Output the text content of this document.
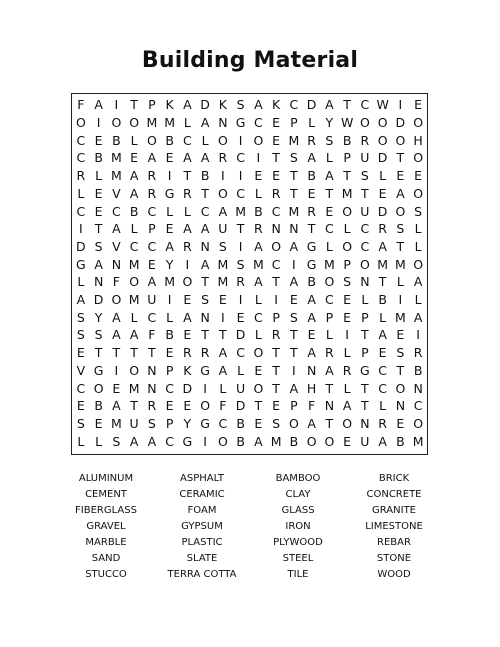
Building Material
F A I T P K A D K S A K C D A T C W I E
O I O O M M L A N G C E P L Y W O O D O
C E B L O B C L O I O E M R S B R O O H
C B M E A E A A R C I T S A L P U D T O
R L M A R I T B I	I E E T B A T S L E E
L E V A R G R T O C L R T E T M T E A O
C E C B C L L C A M B C M R E O U D O S
I T A L P E A A U T R N N T C L C R S L
D S V C C A R N S I A O A G L O C A T L
G A N M E Y I A M S M C I G M P O M M O
L N F O A M O T M R A T A B O S N T L A
A D O M U I E S E I L I E A C E L B I L
S Y A L C L A N I E C P S A P E P L M A
S S A A F B E T T D L R T E L I T A E I
E T T T T E R R A C O T T A R L P E S R
V G I O N P K G A L E T I N A R G C T B
C O E M N C D I L U O T A H T L T C O N
E B A T R E E O F D T E P F N A T L N C
S E M U S P Y G C B E S O A T O N R E O
L L S A A C G I O B A M B O O E U A B M
ALUMINUM	ASPHALT	BAMBOO	BRICK
CEMENT	CERAMIC	CLAY	CONCRETE
FIBERGLASS	FOAM	GLASS	GRANITE
GRAVEL	GYPSUM	IRON	LIMESTONE
MARBLE	PLASTIC	PLYWOOD	REBAR
SAND	SLATE	STEEL	STONE
STUCCO	TERRA COTTA	TILE	WOOD
